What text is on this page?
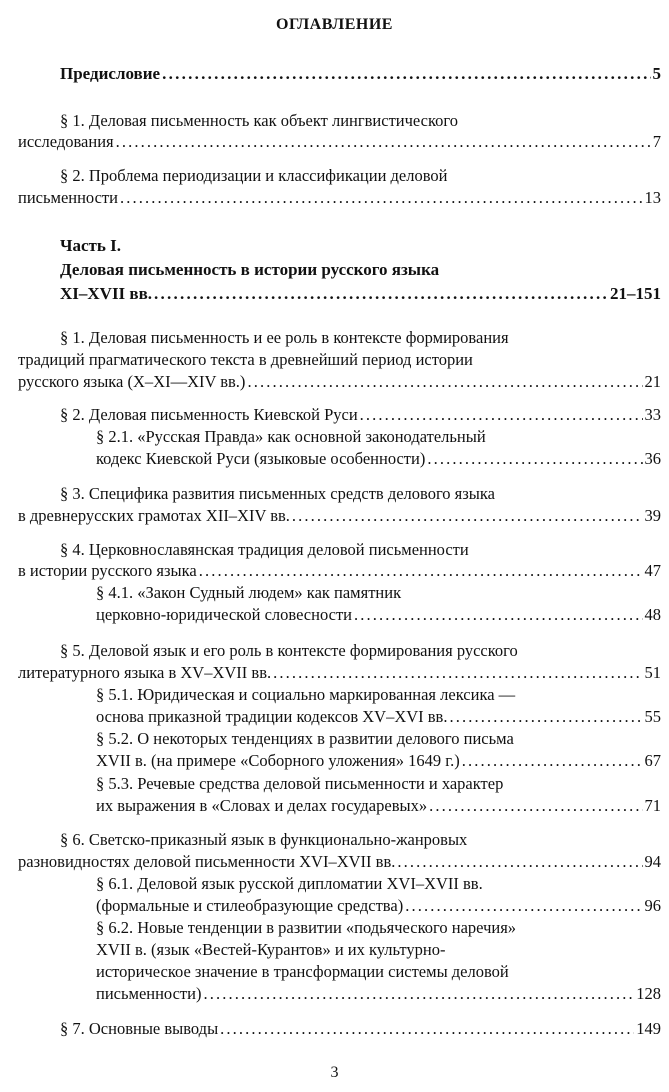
ОГЛАВЛЕНИЕ
Предисловие . . .	5
§ 1. Деловая письменность как объект лингвистического
исследования . . .	7
§ 2. Проблема периодизации и классификации деловой
письменности . . .	13
Часть I.
Деловая письменность в истории русского языка
XI–XVII вв. . . .	21–151
§ 1. Деловая письменность и ее роль в контексте формирования
традиций прагматического текста в древнейший период истории
русского языка (X–XI—XIV вв.) . . .	21
§ 2. Деловая письменность Киевской Руси . . .	33
§ 2.1. «Русская Правда» как основной законодательный
кодекс Киевской Руси (языковые особенности) . . .	36
§ 3. Специфика развития письменных средств делового языка
в древнерусских грамотах XII–XIV вв. . . .	39
§ 4. Церковнославянская традиция деловой письменности
в истории русского языка . . .	47
§ 4.1. «Закон Судный людем» как памятник
церковно-юридической словесности . . .	48
§ 5. Деловой язык и его роль в контексте формирования русского
литературного языка в XV–XVII вв. . . .	51
§ 5.1. Юридическая и социально маркированная лексика —
основа приказной традиции кодексов XV–XVI вв. . . .	55
§ 5.2. О некоторых тенденциях в развитии делового письма
XVII в. (на примере «Соборного уложения» 1649 г.) . . .	67
§ 5.3. Речевые средства деловой письменности и характер
их выражения в «Словах и делах государевых» . . .	71
§ 6. Светско-приказный язык в функционально-жанровых
разновидностях деловой письменности XVI–XVII вв. . . .	94
§ 6.1. Деловой язык русской дипломатии XVI–XVII вв.
(формальные и стилеобразующие средства) . . .	96
§ 6.2. Новые тенденции в развитии «подьяческого наречия»
XVII в. (язык «Вестей-Курантов» и их культурно-
историческое значение в трансформации системы деловой
письменности) . . .	128
§ 7. Основные выводы . . .	149
3
